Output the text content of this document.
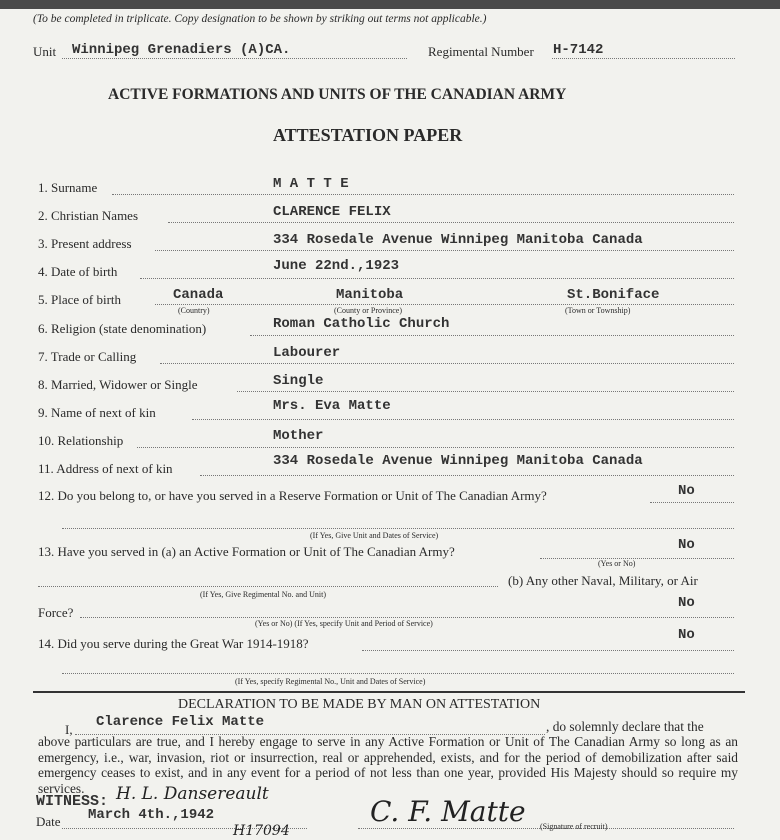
(To be completed in triplicate. Copy designation to be shown by striking out terms not applicable.)
Unit Winnipeg Grenadiers (A)CA.	Regimental Number H-7142
ACTIVE FORMATIONS AND UNITS OF THE CANADIAN ARMY
ATTESTATION PAPER
1. Surname	M A T T E
2. Christian Names	CLARENCE FELIX
3. Present address	334 Rosedale Avenue Winnipeg Manitoba Canada
4. Date of birth	June 22nd.,1923
5. Place of birth	Canada	Manitoba	St.Boniface
(Country)	(County or Province)	(Town or Township)
6. Religion (state denomination)	Roman Catholic Church
7. Trade or Calling	Labourer
8. Married, Widower or Single	Single
9. Name of next of kin	Mrs. Eva Matte
10. Relationship	Mother
11. Address of next of kin	334 Rosedale Avenue Winnipeg Manitoba Canada
12. Do you belong to, or have you served in a Reserve Formation or Unit of The Canadian Army?	No
(If Yes, Give Unit and Dates of Service)
13. Have you served in (a) an Active Formation or Unit of The Canadian Army?	No
(Yes or No)
(b) Any other Naval, Military, or Air
(If Yes, Give Regimental No. and Unit)
Force?
No
(Yes or No) (If Yes, specify Unit and Period of Service)
14. Did you serve during the Great War 1914-1918?
No
(If Yes, specify Regimental No., Unit and Dates of Service)
DECLARATION TO BE MADE BY MAN ON ATTESTATION
I, Clarence Felix Matte	, do solemnly declare that the
above particulars are true, and I hereby engage to serve in any Active Formation or Unit of The Canadian Army so long as an emergency, i.e., war, invasion, riot or insurrection, real or apprehended, exists, and for the period of demobilization after said emergency ceases to exist, and in any event for a period of not less than one year, provided His Majesty should so require my services.
WITNESS: H. L. Dansereault
Date March 4th.,1942	C. F. Matte (Signature of recruit)
H17094
